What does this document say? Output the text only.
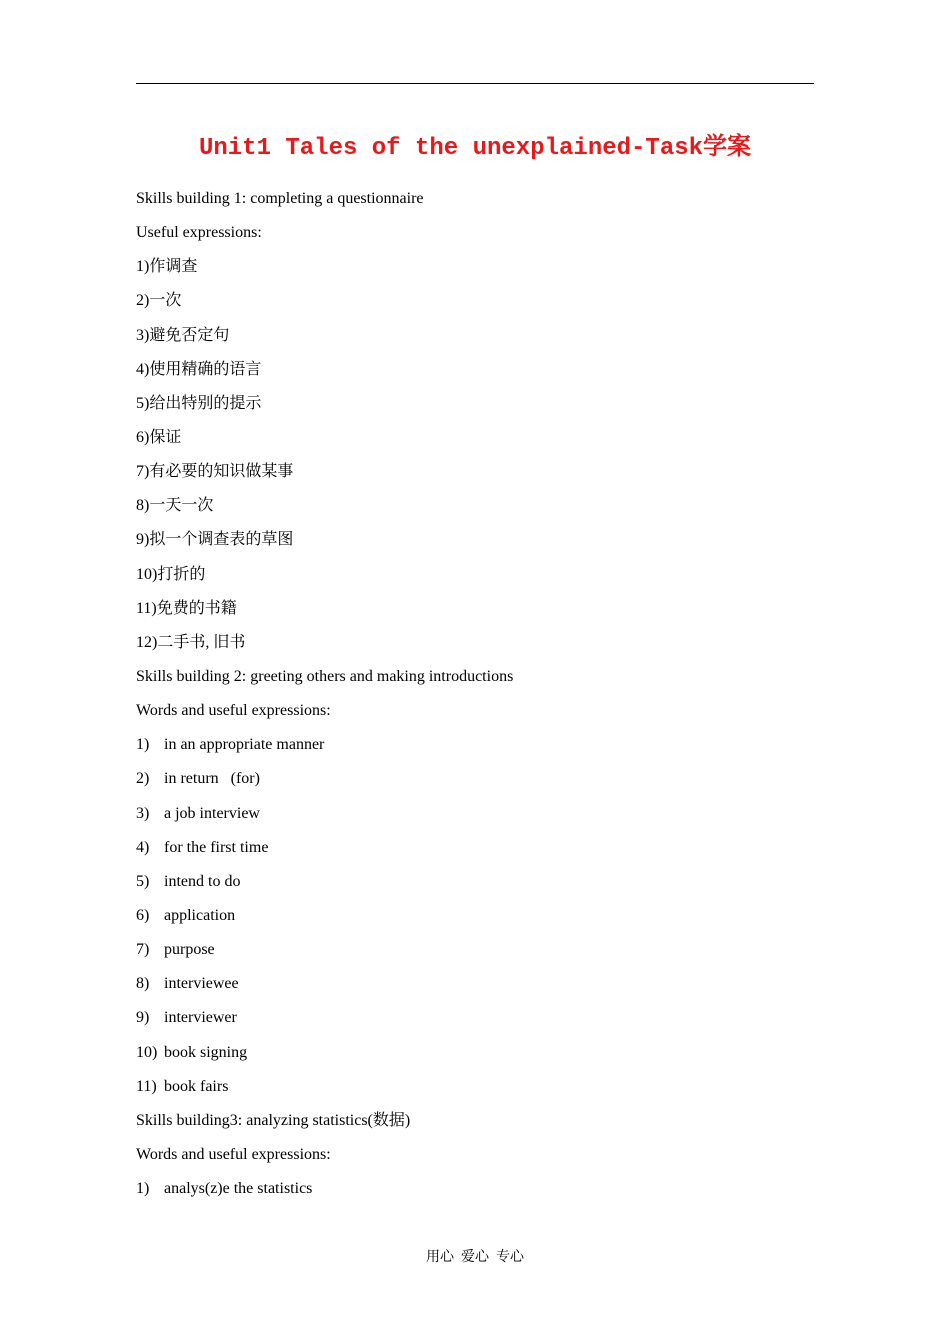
Unit1 Tales of the unexplained-Task学案
Skills building 1: completing a questionnaire
Useful expressions:
1)作调查
2)一次
3)避免否定句
4)使用精确的语言
5)给出特别的提示
6)保证
7)有必要的知识做某事
8)一天一次
9)拟一个调查表的草图
10)打折的
11)免费的书籍
12)二手书, 旧书
Skills building 2: greeting others and making introductions
Words and useful expressions:
1) in an appropriate manner
2) in return   (for)
3) a job interview
4) for the first time
5) intend to do
6) application
7) purpose
8) interviewee
9) interviewer
10) book signing
11) book fairs
Skills building3: analyzing statistics(数据)
Words and useful expressions:
1) analys(z)e the statistics
用心  爱心  专心
